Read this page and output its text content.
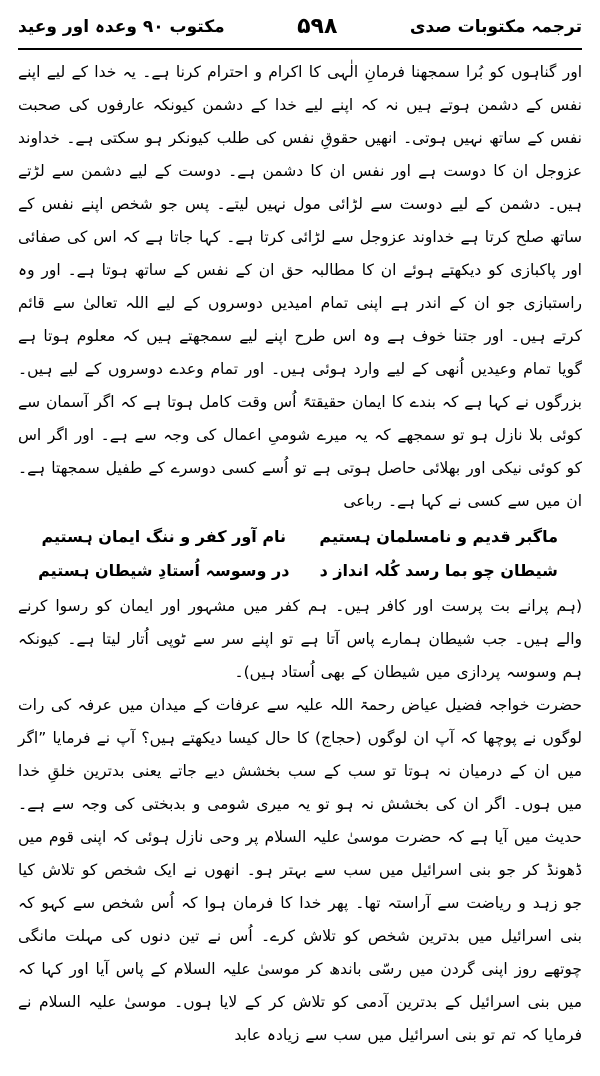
ترجمہ مکتوبات صدی
۵۹۸
مکتوب ۹۰ وعدہ اور وعید

اور گناہوں کو بُرا سمجھنا فرمانِ الٰہی کا اکرام و احترام کرنا ہے۔ یہ خدا کے لیے اپنے نفس کے دشمن ہوتے ہیں نہ کہ اپنے لیے خدا کے دشمن کیونکہ عارفوں کی صحبت نفس کے ساتھ نہیں ہوتی۔ انھیں حقوقِ نفس کی طلب کیونکر ہو سکتی ہے۔ خداوند عزوجل ان کا دوست ہے اور نفس ان کا دشمن ہے۔ دوست کے لیے دشمن سے لڑتے ہیں۔ دشمن کے لیے دوست سے لڑائی مول نہیں لیتے۔ پس جو شخص اپنے نفس کے ساتھ صلح کرتا ہے خداوند عزوجل سے لڑائی کرتا ہے۔ کہا جاتا ہے کہ اس کی صفائی اور پاکبازی کو دیکھتے ہوئے ان کا مطالبہ حق ان کے نفس کے ساتھ ہوتا ہے۔ اور وہ راستبازی جو ان کے اندر ہے اپنی تمام امیدیں دوسروں کے لیے اللہ تعالیٰ سے قائم کرتے ہیں۔ اور جتنا خوف ہے وہ اس طرح اپنے لیے سمجھتے ہیں کہ معلوم ہوتا ہے گویا تمام وعیدیں اُنھی کے لیے وارد ہوئی ہیں۔ اور تمام وعدے دوسروں کے لیے ہیں۔ بزرگوں نے کہا ہے کہ بندے کا ایمان حقیقتہً اُس وقت کامل ہوتا ہے کہ اگر آسمان سے کوئی بلا نازل ہو تو سمجھے کہ یہ میرے شومیِ اعمال کی وجہ سے ہے۔ اور اگر اس کو کوئی نیکی اور بھلائی حاصل ہوتی ہے تو اُسے کسی دوسرے کے طفیل سمجھتا ہے۔ ان میں سے کسی نے کہا ہے۔ رباعی

ماگبر قدیم و نامسلمان ہستیم
نام آور کفر و ننگ ایمان ہستیم
شیطان چو بما رسد کُلہ انداز د
در وسوسہ اُستادِ شیطان ہستیم

(ہم پرانے بت پرست اور کافر ہیں۔ ہم کفر میں مشہور اور ایمان کو رسوا کرنے والے ہیں۔ جب شیطان ہمارے پاس آتا ہے تو اپنے سر سے ٹوپی اُتار لیتا ہے۔ کیونکہ ہم وسوسہ پردازی میں شیطان کے بھی اُستاد ہیں)۔

حضرت خواجہ فضیل عیاض رحمۃ اللہ علیہ سے عرفات کے میدان میں عرفہ کی رات لوگوں نے پوچھا کہ آپ ان لوگوں (حجاج) کا حال کیسا دیکھتے ہیں؟ آپ نے فرمایا ”اگر میں ان کے درمیان نہ ہوتا تو سب کے سب بخشش دیے جاتے یعنی بدترین خلقِ خدا میں ہوں۔ اگر ان کی بخشش نہ ہو تو یہ میری شومی و بدبختی کی وجہ سے ہے۔ حدیث میں آیا ہے کہ حضرت موسیٰ علیہ السلام پر وحی نازل ہوئی کہ اپنی قوم میں ڈھونڈ کر جو بنی اسرائیل میں سب سے بہتر ہو۔ انھوں نے ایک شخص کو تلاش کیا جو زہد و ریاضت سے آراستہ تھا۔ پھر خدا کا فرمان ہوا کہ اُس شخص سے کہو کہ بنی اسرائیل میں بدترین شخص کو تلاش کرے۔ اُس نے تین دنوں کی مہلت مانگی چوتھے روز اپنی گردن میں رسّی باندھ کر موسیٰ علیہ السلام کے پاس آیا اور کہا کہ میں بنی اسرائیل کے بدترین آدمی کو تلاش کر کے لایا ہوں۔ موسیٰ علیہ السلام نے فرمایا کہ تم تو بنی اسرائیل میں سب سے زیادہ عابد
